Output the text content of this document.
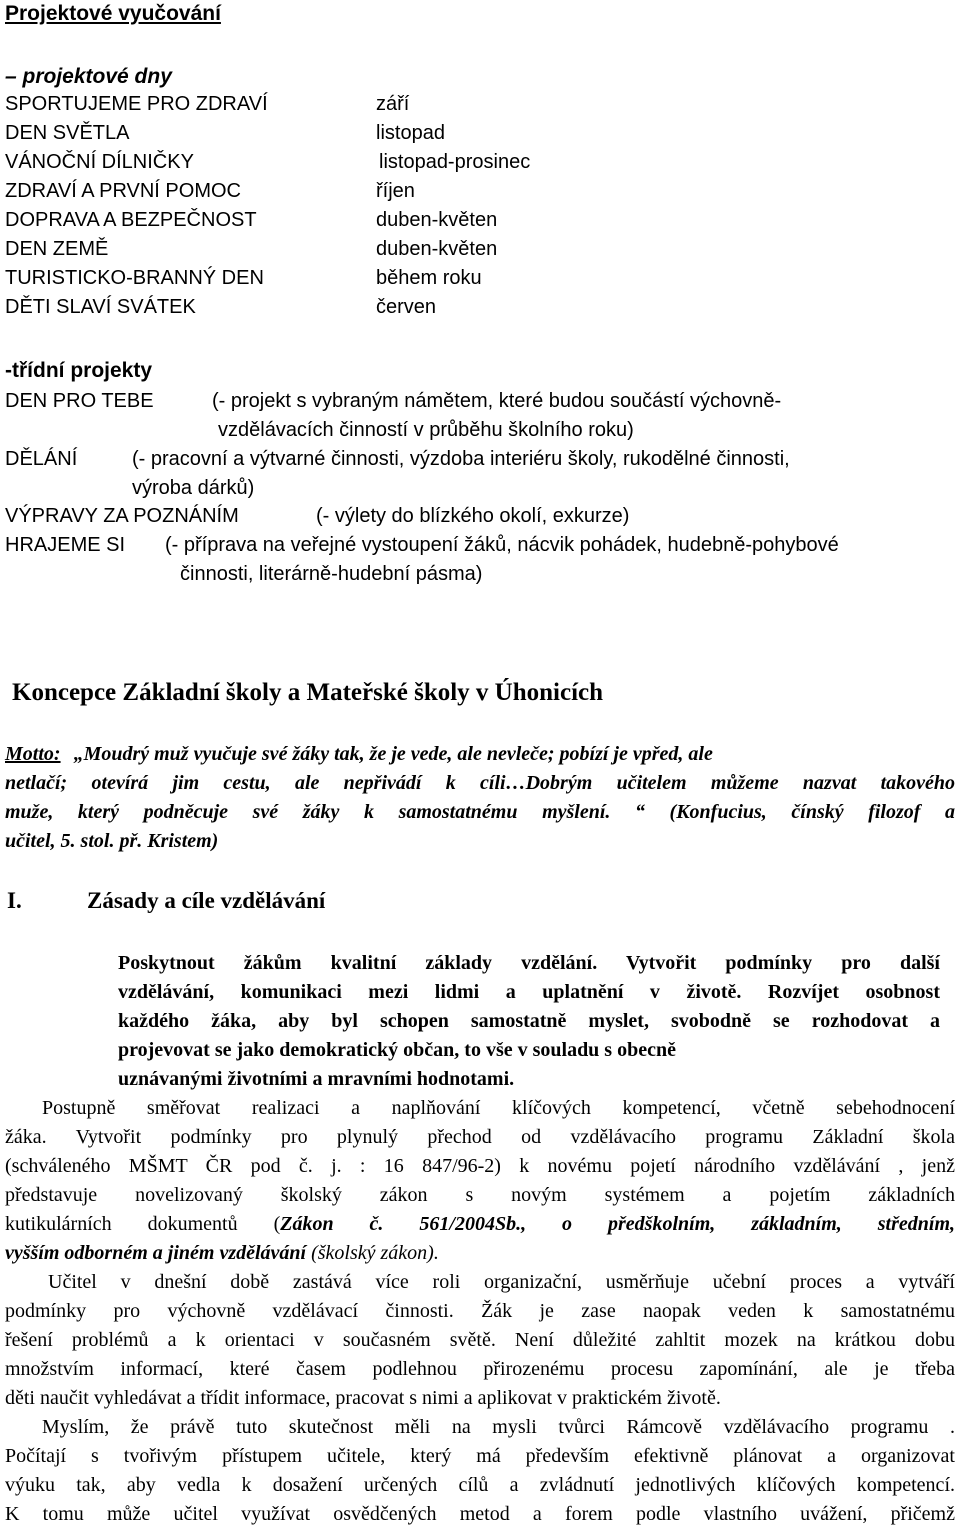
Projektové vyučování
– projektové dny
SPORTUJEME PRO ZDRAVÍ	září
DEN SVĚTLA	listopad
VÁNOČNÍ DÍLNIČKY	listopad-prosinec
ZDRAVÍ A PRVNÍ POMOC	říjen
DOPRAVA A BEZPEČNOST	duben-květen
DEN ZEMĚ	duben-květen
TURISTICKO-BRANNÝ DEN	během roku
DĚTI SLAVÍ SVÁTEK	červen
-třídní projekty
DEN PRO TEBE	(- projekt s vybraným námětem, které budou součástí výchovně-
vzdělávacích činností v průběhu školního roku)
DĚLÁNÍ	(- pracovní a výtvarné činnosti, výzdoba interiéru školy, rukodělné činnosti,
výroba dárků)
VÝPRAVY ZA POZNÁNÍM	(- výlety do blízkého okolí, exkurze)
HRAJEME SI (- příprava na veřejné vystoupení žáků, nácvik pohádek, hudebně-pohybové
činnosti, literárně-hudební pásma)
Koncepce Základní školy a Mateřské školy v Úhonicích
Motto: „Moudrý muž vyučuje své žáky tak, že je vede, ale nevleče; pobízí je vpřed, ale
netlačí; otevírá jim cestu, ale nepřivádí k cíli…Dobrým učitelem můžeme nazvat takového
muže, který podněcuje své žáky k samostatnému myšlení. “ (Konfucius, čínský filozof a
učitel, 5. stol. př. Kristem)
I.	Zásady a cíle vzdělávání
Poskytnout žákům kvalitní základy vzdělání. Vytvořit podmínky pro další
vzdělávání, komunikaci mezi lidmi a uplatnění v životě. Rozvíjet osobnost
každého žáka, aby byl schopen samostatně myslet, svobodně se rozhodovat a
projevovat se jako demokratický občan, to vše v souladu s obecně
uznávanými životními a mravními hodnotami.
Postupně směřovat realizaci a naplňování klíčových kompetencí, včetně sebehodnocení
žáka. Vytvořit podmínky pro plynulý přechod od vzdělávacího programu Základní škola
(schváleného MŠMT ČR pod č. j. : 16 847/96-2) k novému pojetí národního vzdělávání , jenž
představuje novelizovaný školský zákon s novým systémem a pojetím základních
kutikulárních dokumentů (Zákon č. 561/2004Sb., o předškolním, základním, středním,
vyšším odborném a jiném vzdělávání (školský zákon).
Učitel v dnešní době zastává více roli organizační, usměrňuje učební proces a vytváří
podmínky pro výchovně vzdělávací činnosti. Žák je zase naopak veden k samostatnému
řešení problémů a k orientaci v současném světě. Není důležité zahltit mozek na krátkou dobu
množstvím informací, které časem podlehnou přirozenému procesu zapomínání, ale je třeba
děti naučit vyhledávat a třídit informace, pracovat s nimi a aplikovat v praktickém životě.
Myslím, že právě tuto skutečnost měli na mysli tvůrci Rámcově vzdělávacího programu .
Počítají s tvořivým přístupem učitele, který má především efektivně plánovat a organizovat
výuku tak, aby vedla k dosažení určených cílů a zvládnutí jednotlivých klíčových kompetencí.
K tomu může učitel využívat osvědčených metod a forem podle vlastního uvážení, přičemž
